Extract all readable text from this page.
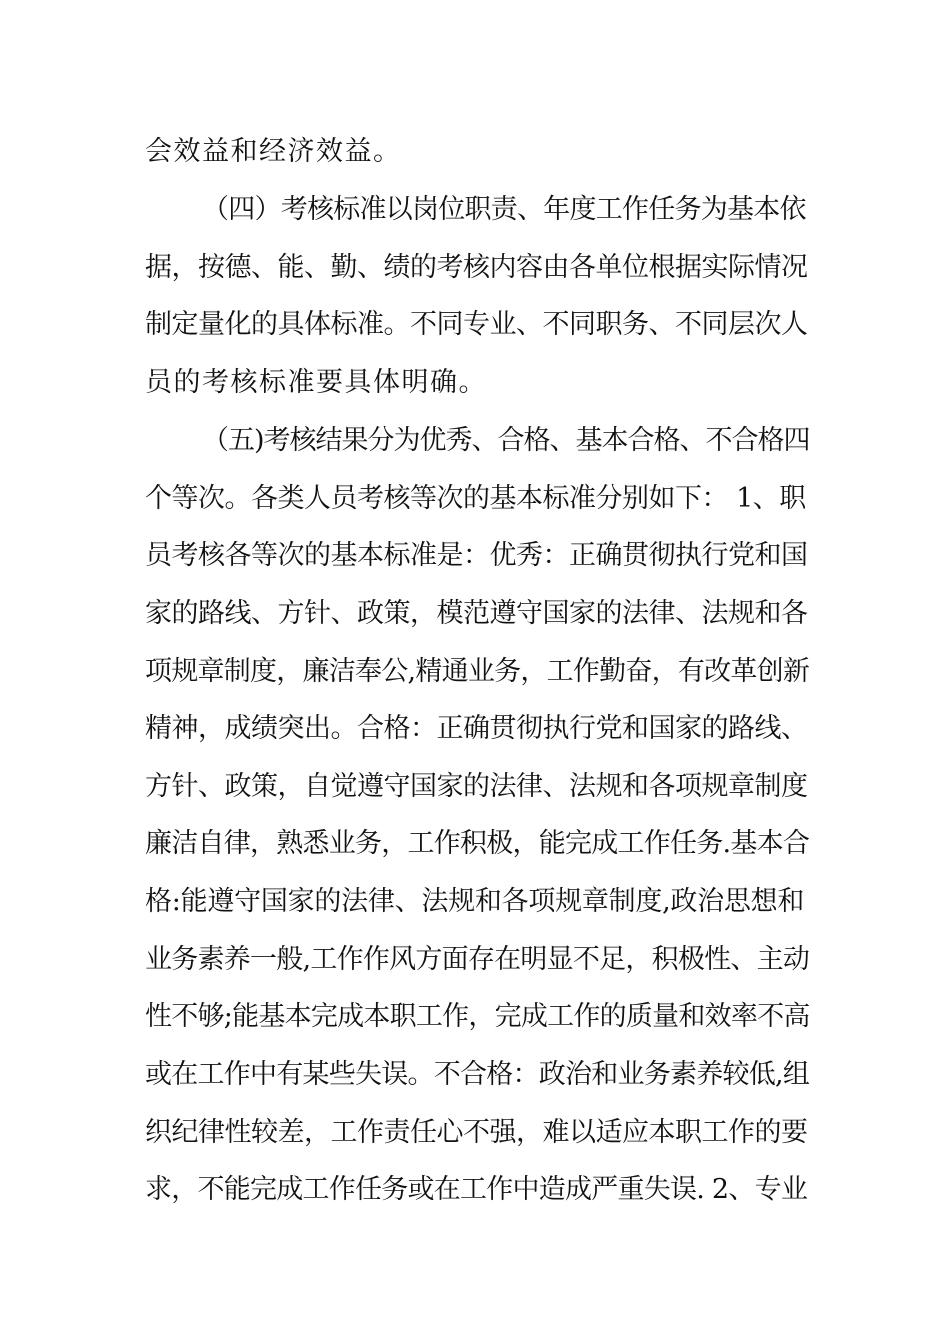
会效益和经济效益。
（四）考核标准以岗位职责、年度工作任务为基本依
据，按德、能、勤、绩的考核内容由各单位根据实际情况
制定量化的具体标准。不同专业、不同职务、不同层次人
员的考核标准要具体明确。
（五)考核结果分为优秀、合格、基本合格、不合格四
个等次。各类人员考核等次的基本标准分别如下： 1、职
员考核各等次的基本标准是：优秀：正确贯彻执行党和国
家的路线、方针、政策，模范遵守国家的法律、法规和各
项规章制度，廉洁奉公,精通业务，工作勤奋，有改革创新
精神，成绩突出。合格：正确贯彻执行党和国家的路线、
方针、政策，自觉遵守国家的法律、法规和各项规章制度
廉洁自律，熟悉业务，工作积极，能完成工作任务.基本合
格:能遵守国家的法律、法规和各项规章制度,政治思想和
业务素养一般,工作作风方面存在明显不足，积极性、主动
性不够;能基本完成本职工作，完成工作的质量和效率不高
或在工作中有某些失误。不合格：政治和业务素养较低,组
织纪律性较差，工作责任心不强，难以适应本职工作的要
求，不能完成工作任务或在工作中造成严重失误. 2、专业
